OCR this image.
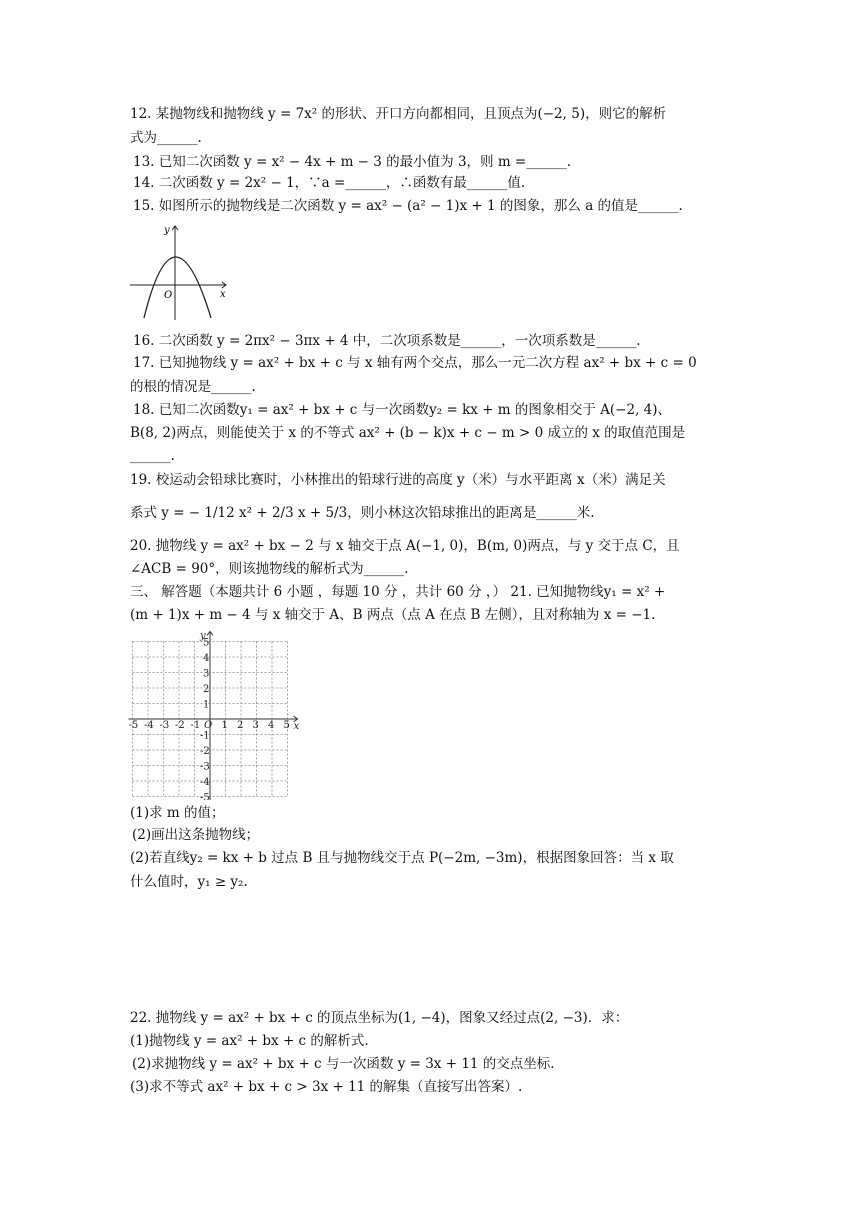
12. 某抛物线和抛物线 y = 7x² 的形状、开口方向都相同，且顶点为(−2, 5)，则它的解析
式为______.
13. 已知二次函数 y = x² − 4x + m − 3 的最小值为 3，则 m =______.
14. 二次函数 y = 2x² − 1，∵a =______，∴函数有最______值.
15. 如图所示的抛物线是二次函数 y = ax² − (a² − 1)x + 1 的图象，那么 a 的值是______.
y
x
O
16. 二次函数 y = 2πx² − 3πx + 4 中，二次项系数是______，一次项系数是______.
17. 已知抛物线 y = ax² + bx + c 与 x 轴有两个交点，那么一元二次方程 ax² + bx + c = 0
的根的情况是______.
18. 已知二次函数y₁ = ax² + bx + c 与一次函数y₂ = kx + m 的图象相交于 A(−2, 4)、
B(8, 2)两点，则能使关于 x 的不等式 ax² + (b − k)x + c − m > 0 成立的 x 的取值范围是
______.
19. 校运动会铅球比赛时，小林推出的铅球行进的高度 y（米）与水平距离 x（米）满足关
系式 y = − 1/12 x² + 2/3 x + 5/3，则小林这次铅球推出的距离是______米.
20. 抛物线 y = ax² + bx − 2 与 x 轴交于点 A(−1, 0)，B(m, 0)两点，与 y 交于点 C，且
∠ACB = 90°，则该抛物线的解析式为______.
三、 解答题（本题共计 6 小题 ，每题 10 分 ，共计 60 分 ，） 21. 已知抛物线y₁ = x² +
(m + 1)x + m − 4 与 x 轴交于 A、B 两点（点 A 在点 B 左侧），且对称轴为 x = −1.
-5 -4 -3 -2 -1 1 2 3 4 5
5
4
3
2
1
-1
-2
-3
-4
-5
O	x
y
(1)求 m 的值；
(2)画出这条抛物线；
(2)若直线y₂ = kx + b 过点 B 且与抛物线交于点 P(−2m, −3m)，根据图象回答：当 x 取
什么值时，y₁ ≥ y₂.
22. 抛物线 y = ax² + bx + c 的顶点坐标为(1, −4)，图象又经过点(2, −3)．求：
(1)抛物线 y = ax² + bx + c 的解析式.
(2)求抛物线 y = ax² + bx + c 与一次函数 y = 3x + 11 的交点坐标.
(3)求不等式 ax² + bx + c > 3x + 11 的解集（直接写出答案）.
